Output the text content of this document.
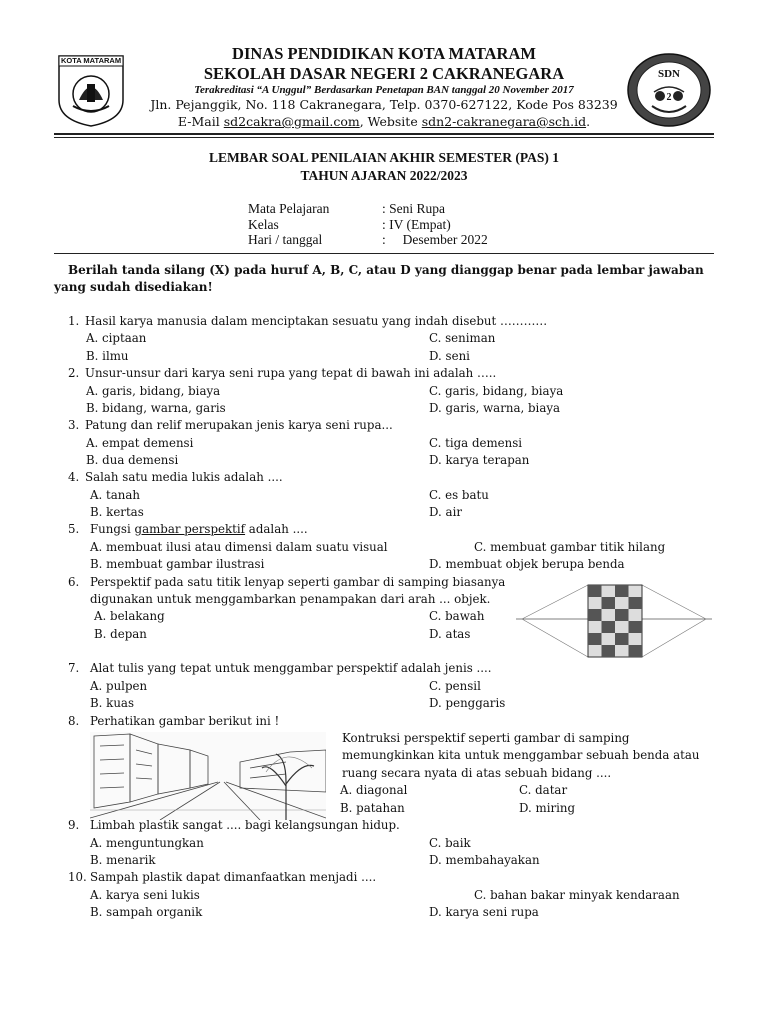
KOTA MATARAM
SDN
2
DINAS PENDIDIKAN KOTA MATARAM
SEKOLAH DASAR NEGERI 2 CAKRANEGARA
Terakreditasi “A Unggul” Berdasarkan Penetapan BAN tanggal 20 November 2017
Jln. Pejanggik, No. 118 Cakranegara, Telp. 0370-627122, Kode Pos 83239
E-Mail sd2cakra@gmail.com, Website sdn2-cakranegara@sch.id.
LEMBAR SOAL PENILAIAN AKHIR SEMESTER (PAS) 1
TAHUN AJARAN 2022/2023
Mata Pelajaran	: Seni Rupa
Kelas	: IV (Empat)
Hari / tanggal	:     Desember 2022
Berilah tanda silang (X) pada huruf A, B, C, atau D yang dianggap benar pada lembar jawaban
yang sudah disediakan!
1. Hasil karya manusia dalam menciptakan sesuatu yang indah disebut …………
A. ciptaan	C. seniman
B. ilmu	D. seni
2. Unsur-unsur dari karya seni rupa yang tepat di bawah ini adalah …..
A. garis, bidang, biaya	C. garis, bidang, biaya
B. bidang, warna, garis	D. garis, warna, biaya
3. Patung dan relif merupakan jenis karya seni rupa...
A. empat demensi	C. tiga demensi
B. dua demensi	D. karya terapan
4. Salah satu media lukis adalah ....
A. tanah	C. es batu
B. kertas	D. air
5. Fungsi gambar perspektif adalah ....
A. membuat ilusi atau dimensi dalam suatu visual	C. membuat gambar titik hilang
B. membuat gambar ilustrasi	D. membuat objek berupa benda
6. Perspektif pada satu titik lenyap seperti gambar di samping biasanya
digunakan untuk menggambarkan penampakan dari arah ... objek.
A. belakang	C. bawah
B. depan	D. atas
7. Alat tulis yang tepat untuk menggambar perspektif adalah jenis ....
A. pulpen	C. pensil
B. kuas	D. penggaris
8. Perhatikan gambar berikut ini !
Kontruksi perspektif seperti gambar di samping
memungkinkan kita untuk menggambar sebuah benda atau
ruang secara nyata di atas sebuah bidang ....
A. diagonal	C. datar
B. patahan	D. miring
9. Limbah plastik sangat .... bagi kelangsungan hidup.
A. menguntungkan	C. baik
B. menarik	D. membahayakan
10. Sampah plastik dapat dimanfaatkan menjadi ....
A. karya seni lukis	C. bahan bakar minyak kendaraan
B. sampah organik	D. karya seni rupa
